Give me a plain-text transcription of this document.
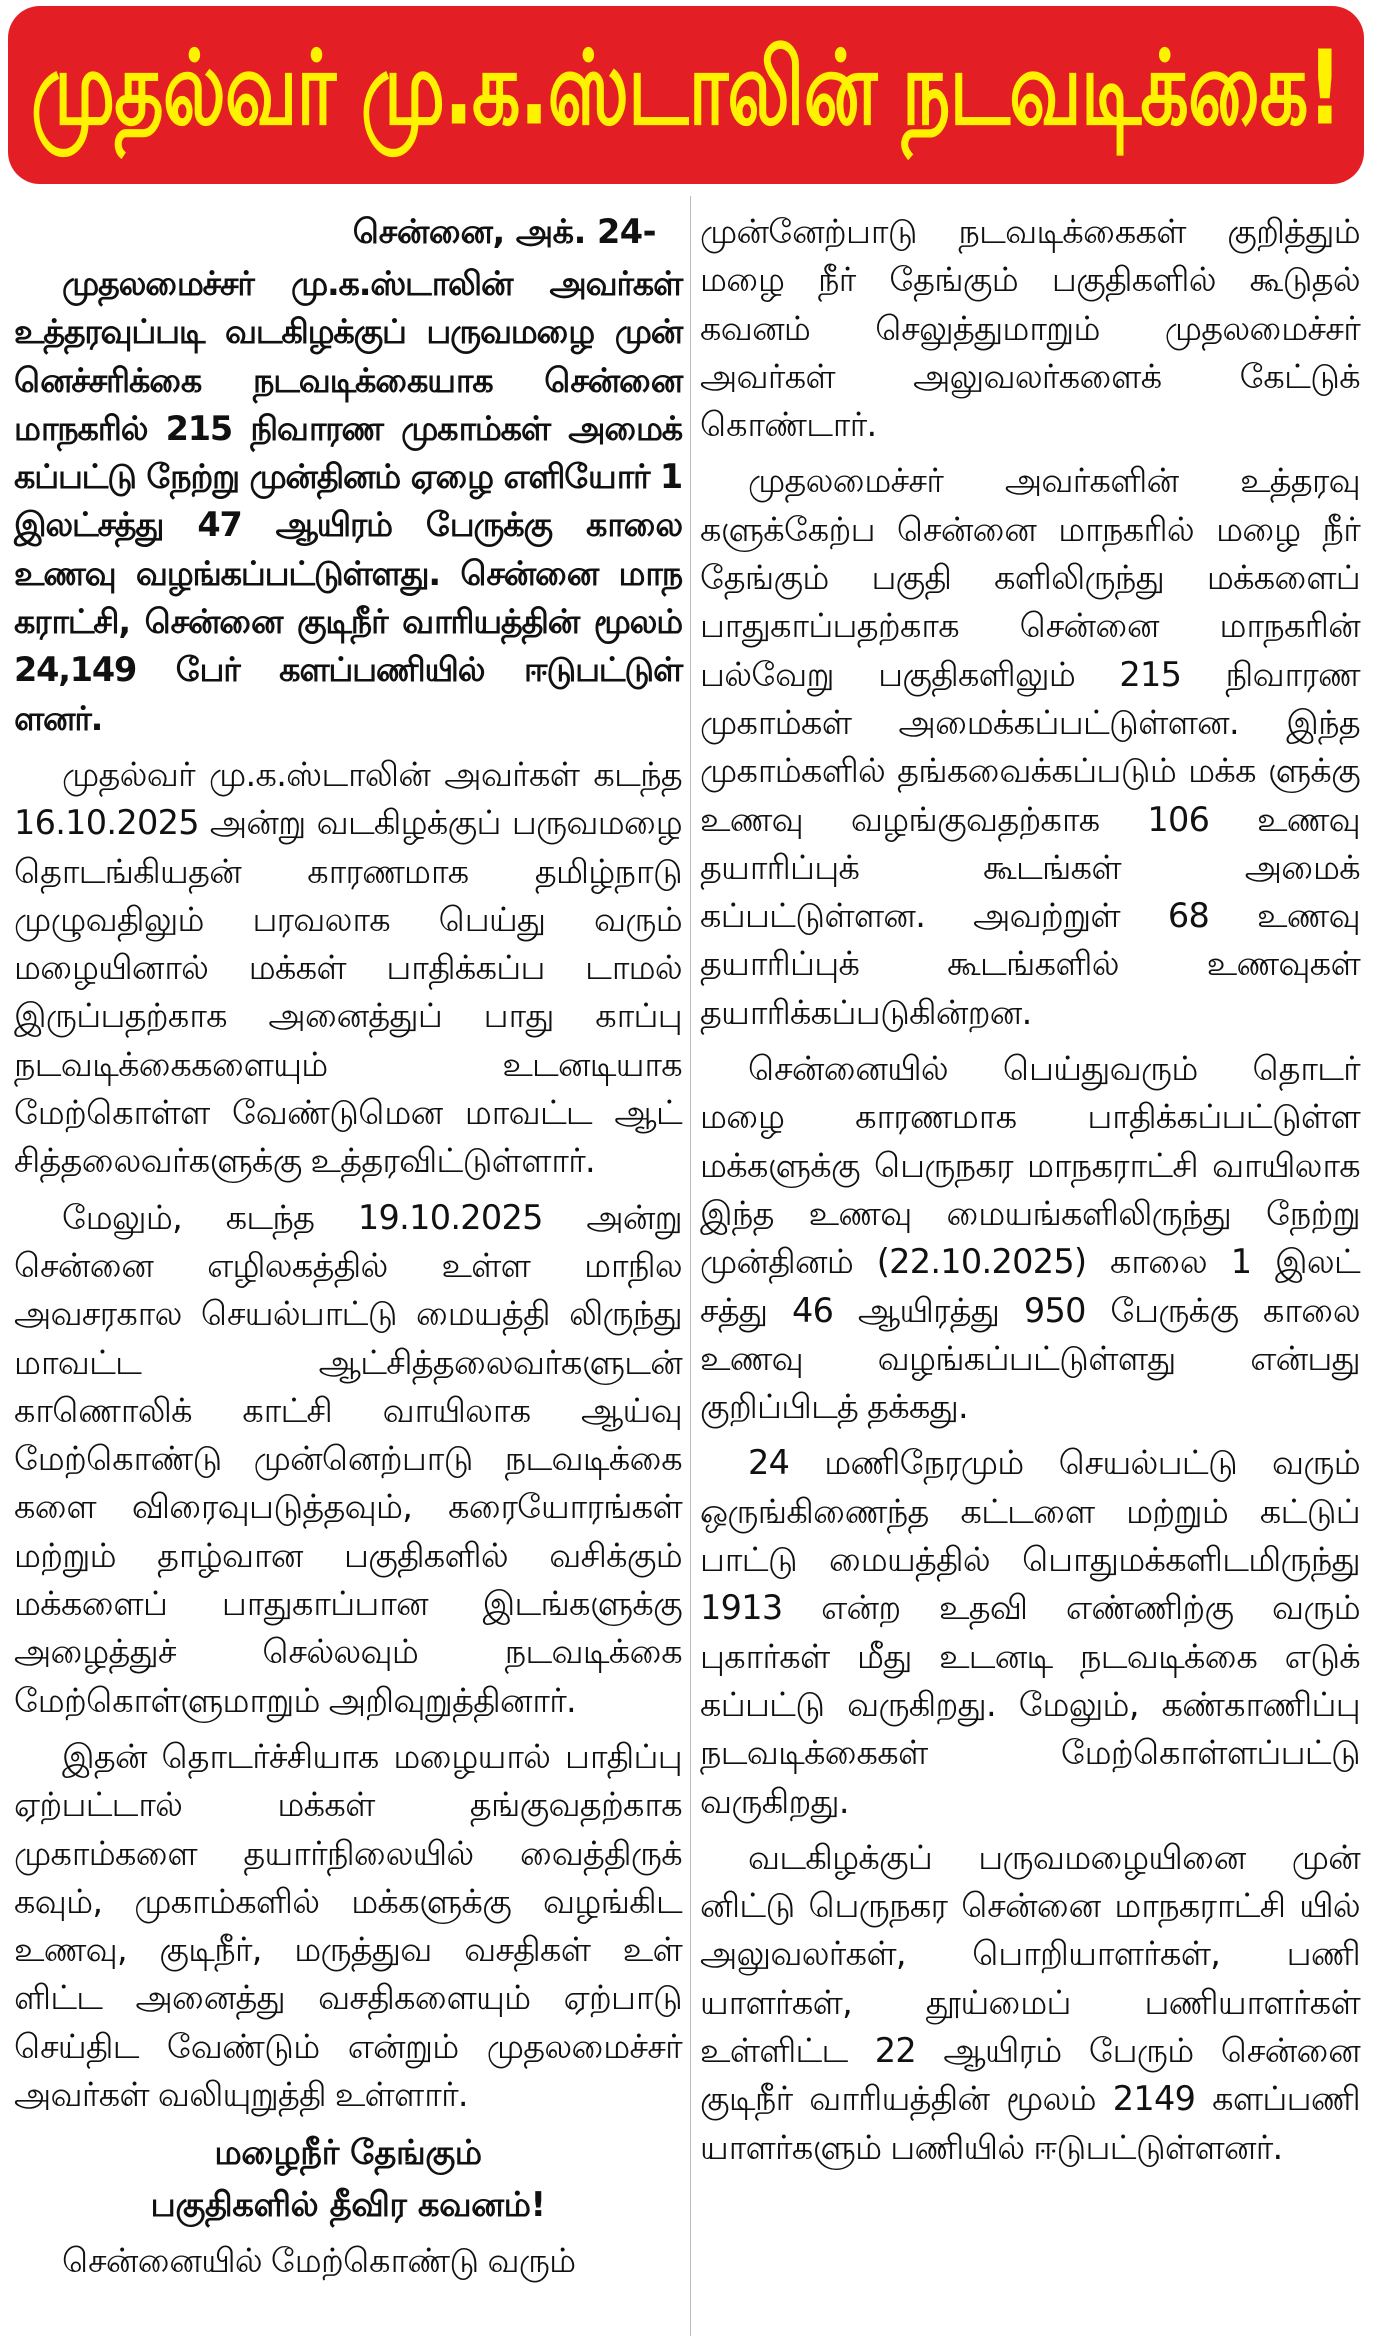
முதல்வர் மு.க.ஸ்டாலின் நடவடிக்கை!
சென்னை, அக். 24-

முதலமைச்சர் மு.க.ஸ்டாலின் அவர்கள் உத்தரவுப்படி வடகிழக்குப் பருவமழை முன் னெச்சரிக்கை நடவடிக்கையாக சென்னை மாநகரில் 215 நிவாரண முகாம்கள் அமைக் கப்பட்டு நேற்று முன்தினம் ஏழை எளியோர் 1 இலட்சத்து 47 ஆயிரம் பேருக்கு காலை உணவு வழங்கப்பட்டுள்ளது. சென்னை மாந கராட்சி, சென்னை குடிநீர் வாரியத்தின் மூலம் 24,149 பேர் களப்பணியில் ஈடுபட்டுள் ளனர்.

முதல்வர் மு.க.ஸ்டாலின் அவர்கள் கடந்த 16.10.2025 அன்று வடகிழக்குப் பருவமழை தொடங்கியதன் காரணமாக தமிழ்நாடு முழுவதிலும் பரவலாக பெய்து வரும் மழையினால் மக்கள் பாதிக்கப்ப டாமல் இருப்பதற்காக அனைத்துப் பாது காப்பு நடவடிக்கைகளையும் உடனடியாக மேற்கொள்ள வேண்டுமென மாவட்ட ஆட் சித்தலைவர்களுக்கு உத்தரவிட்டுள்ளார்.

மேலும், கடந்த 19.10.2025 அன்று சென்னை எழிலகத்தில் உள்ள மாநில அவசரகால செயல்பாட்டு மையத்தி லிருந்து மாவட்ட ஆட்சித்தலைவர்களுடன் காணொலிக் காட்சி வாயிலாக ஆய்வு மேற்கொண்டு முன்னெற்பாடு நடவடிக்கை களை விரைவுபடுத்தவும், கரையோரங்கள் மற்றும் தாழ்வான பகுதிகளில் வசிக்கும் மக்களைப் பாதுகாப்பான இடங்களுக்கு அழைத்துச் செல்லவும் நடவடிக்கை மேற்கொள்ளுமாறும் அறிவுறுத்தினார்.

இதன் தொடர்ச்சியாக மழையால் பாதிப்பு ஏற்பட்டால் மக்கள் தங்குவதற்காக முகாம்களை தயார்நிலையில் வைத்திருக் கவும், முகாம்களில் மக்களுக்கு வழங்கிட உணவு, குடிநீர், மருத்துவ வசதிகள் உள் ளிட்ட அனைத்து வசதிகளையும் ஏற்பாடு செய்திட வேண்டும் என்றும் முதலமைச்சர் அவர்கள் வலியுறுத்தி உள்ளார்.

மழைநீர் தேங்கும்
பகுதிகளில் தீவிர கவனம்!

சென்னையில் மேற்கொண்டு வரும்

முன்னேற்பாடு நடவடிக்கைகள் குறித்தும் மழை நீர் தேங்கும் பகுதிகளில் கூடுதல் கவனம் செலுத்துமாறும் முதலமைச்சர் அவர்கள் அலுவலர்களைக் கேட்டுக் கொண்டார்.

முதலமைச்சர் அவர்களின் உத்தரவு களுக்கேற்ப சென்னை மாநகரில் மழை நீர் தேங்கும் பகுதி களிலிருந்து மக்களைப் பாதுகாப்பதற்காக சென்னை மாநகரின் பல்வேறு பகுதிகளிலும் 215 நிவாரண முகாம்கள் அமைக்கப்பட்டுள்ளன. இந்த முகாம்களில் தங்கவைக்கப்படும் மக்க ளுக்கு உணவு வழங்குவதற்காக 106 உணவு தயாரிப்புக் கூடங்கள் அமைக் கப்பட்டுள்ளன. அவற்றுள் 68 உணவு தயாரிப்புக் கூடங்களில் உணவுகள் தயாரிக்கப்படுகின்றன.

சென்னையில் பெய்துவரும் தொடர் மழை காரணமாக பாதிக்கப்பட்டுள்ள மக்களுக்கு பெருநகர மாநகராட்சி வாயிலாக இந்த உணவு மையங்களிலிருந்து நேற்று முன்தினம் (22.10.2025) காலை 1 இலட் சத்து 46 ஆயிரத்து 950 பேருக்கு காலை உணவு வழங்கப்பட்டுள்ளது என்பது குறிப்பிடத் தக்கது.

24 மணிநேரமும் செயல்பட்டு வரும் ஒருங்கிணைந்த கட்டளை மற்றும் கட்டுப் பாட்டு மையத்தில் பொதுமக்களிடமிருந்து 1913 என்ற உதவி எண்ணிற்கு வரும் புகார்கள் மீது உடனடி நடவடிக்கை எடுக் கப்பட்டு வருகிறது. மேலும், கண்காணிப்பு நடவடிக்கைகள் மேற்கொள்ளப்பட்டு வருகிறது.

வடகிழக்குப் பருவமழையினை முன் னிட்டு பெருநகர சென்னை மாநகராட்சி யில் அலுவலர்கள், பொறியாளர்கள், பணி யாளர்கள், தூய்மைப் பணியாளர்கள் உள்ளிட்ட 22 ஆயிரம் பேரும் சென்னை குடிநீர் வாரியத்தின் மூலம் 2149 களப்பணி யாளர்களும் பணியில் ஈடுபட்டுள்ளனர்.
